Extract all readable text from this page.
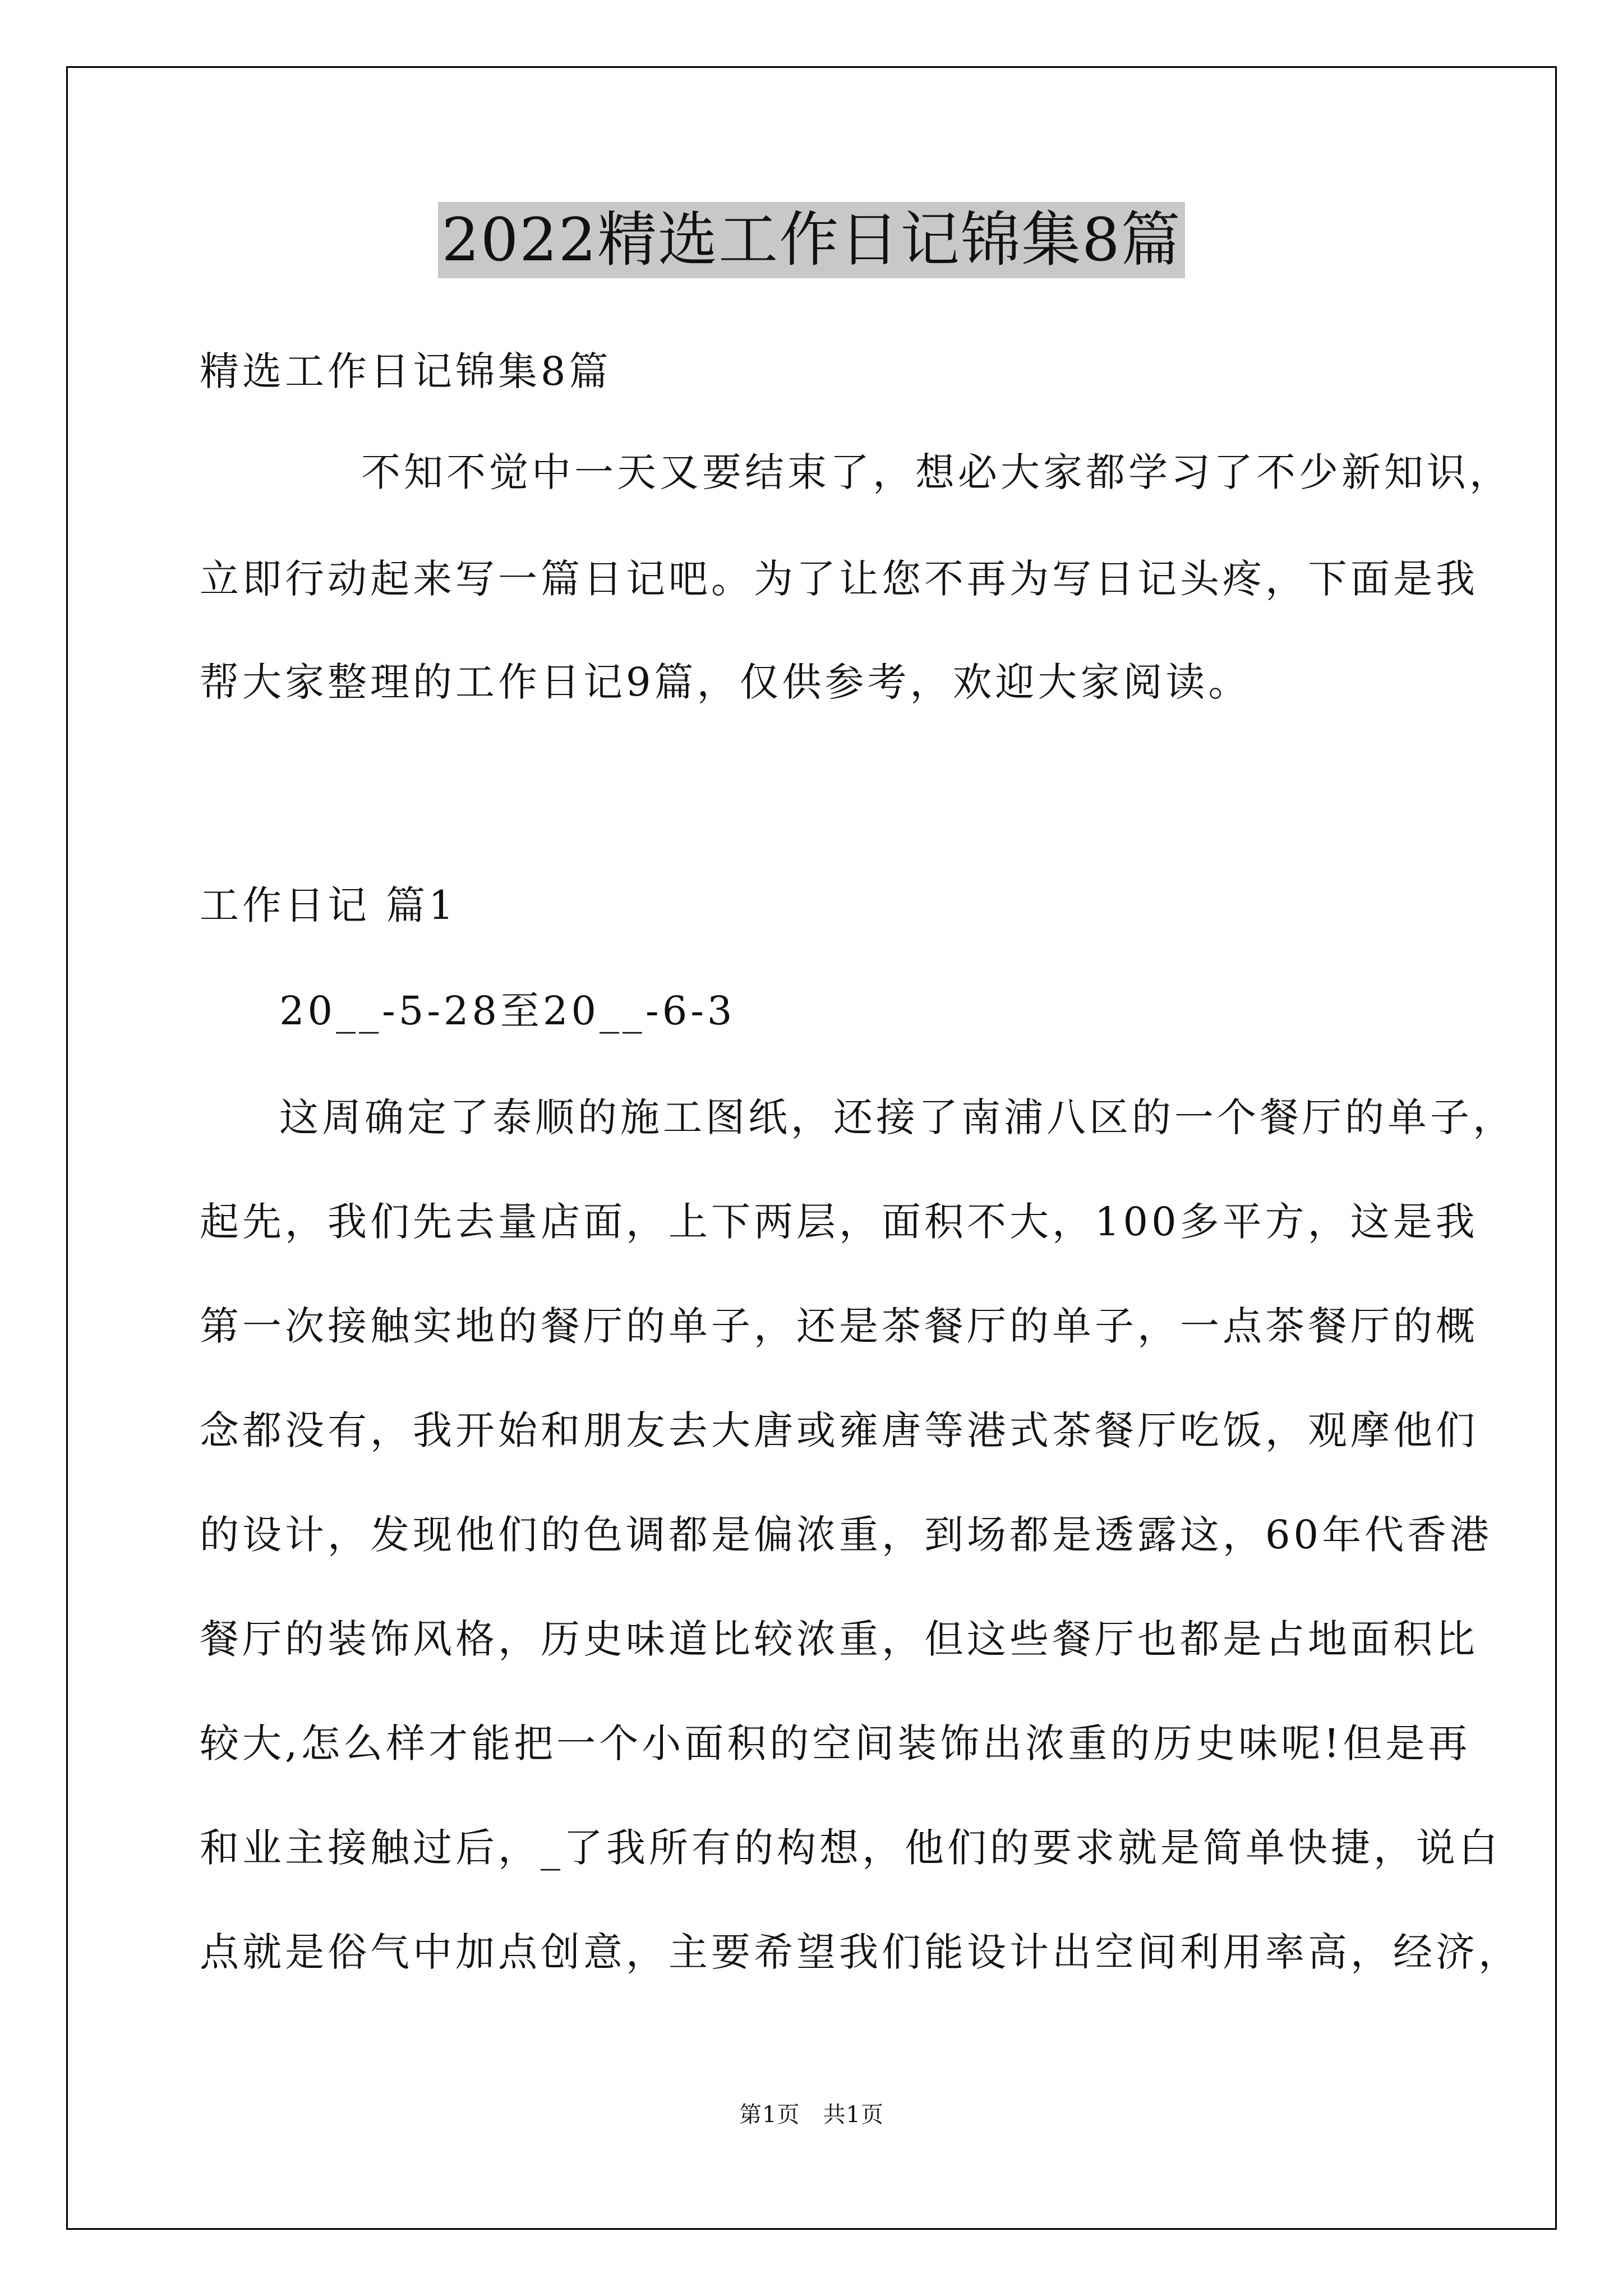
2022精选工作日记锦集8篇
精选工作日记锦集8篇
不知不觉中一天又要结束了，想必大家都学习了不少新知识，
立即行动起来写一篇日记吧。为了让您不再为写日记头疼，下面是我
帮大家整理的工作日记9篇，仅供参考，欢迎大家阅读。
工作日记 篇1
20__-5-28至20__-6-3
这周确定了泰顺的施工图纸，还接了南浦八区的一个餐厅的单子，
起先，我们先去量店面，上下两层，面积不大，100多平方，这是我
第一次接触实地的餐厅的单子，还是茶餐厅的单子，一点茶餐厅的概
念都没有，我开始和朋友去大唐或雍唐等港式茶餐厅吃饭，观摩他们
的设计，发现他们的色调都是偏浓重，到场都是透露这，60年代香港
餐厅的装饰风格，历史味道比较浓重，但这些餐厅也都是占地面积比
较大,怎么样才能把一个小面积的空间装饰出浓重的历史味呢!但是再
和业主接触过后，_了我所有的构想，他们的要求就是简单快捷，说白
点就是俗气中加点创意，主要希望我们能设计出空间利用率高，经济，
第1页　共1页
